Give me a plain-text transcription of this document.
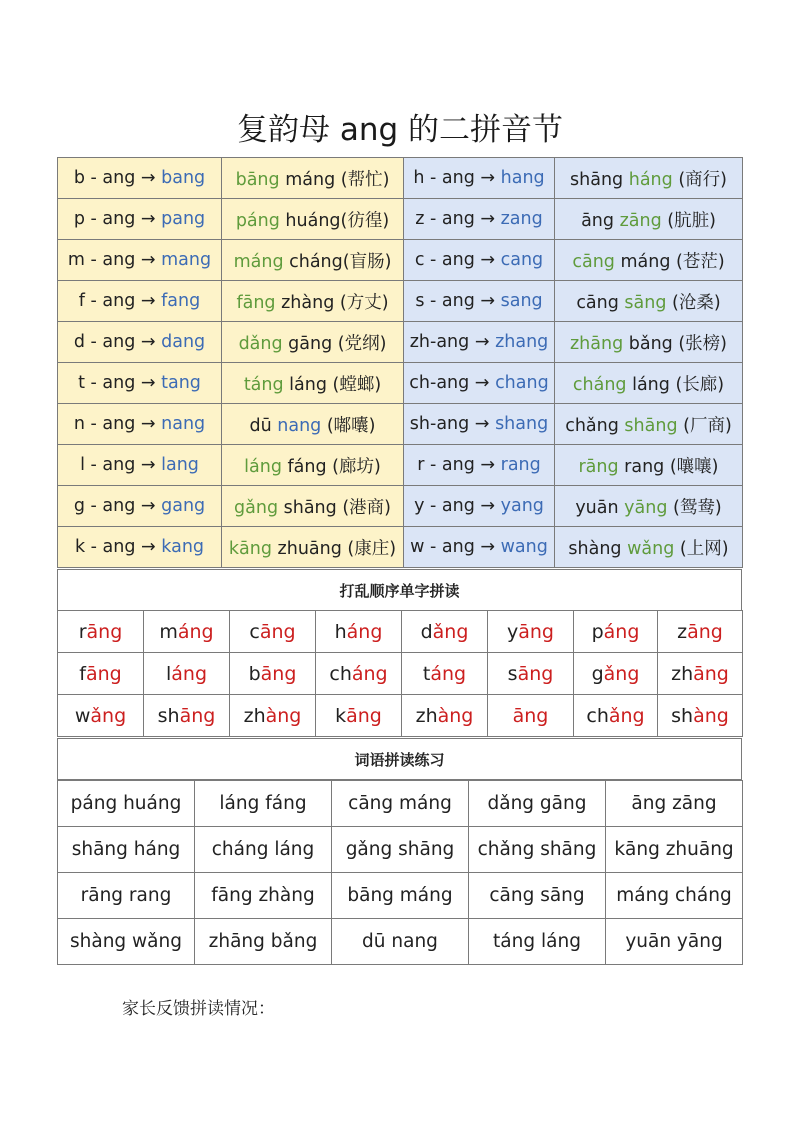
复韵母 ang 的二拼音节
b - ang → bang	bāng máng (帮忙)	h - ang → hang	shāng háng (商行)
p - ang → pang	páng huáng(彷徨)	z - ang → zang	āng zāng (肮脏)
m - ang → mang	máng cháng(盲肠)	c - ang → cang	cāng máng (苍茫)
f - ang → fang	fāng zhàng (方丈)	s - ang → sang	cāng sāng (沧桑)
d - ang → dang	dǎng gāng (党纲)	zh-ang → zhang	zhāng bǎng (张榜)
t - ang → tang	táng láng (螳螂)	ch-ang → chang	cháng láng (长廊)
n - ang → nang	dū nang (嘟囔)	sh-ang → shang	chǎng shāng (厂商)
l - ang → lang	láng fáng (廊坊)	r - ang → rang	rāng rang (嚷嚷)
g - ang → gang	gǎng shāng (港商)	y - ang → yang	yuān yāng (鸳鸯)
k - ang → kang	kāng zhuāng (康庄)	w - ang → wang	shàng wǎng (上网)
打乱顺序单字拼读
rāng	máng	cāng	háng	dǎng	yāng	páng	zāng
fāng	láng	bāng	cháng	táng	sāng	gǎng	zhāng
wǎng	shāng	zhàng	kāng	zhàng	āng	chǎng	shàng
词语拼读练习
páng huáng	láng fáng	cāng máng	dǎng gāng	āng zāng
shāng háng	cháng láng	gǎng shāng	chǎng shāng	kāng zhuāng
rāng rang	fāng zhàng	bāng máng	cāng sāng	máng cháng
shàng wǎng	zhāng bǎng	dū nang	táng láng	yuān yāng
家长反馈拼读情况：
